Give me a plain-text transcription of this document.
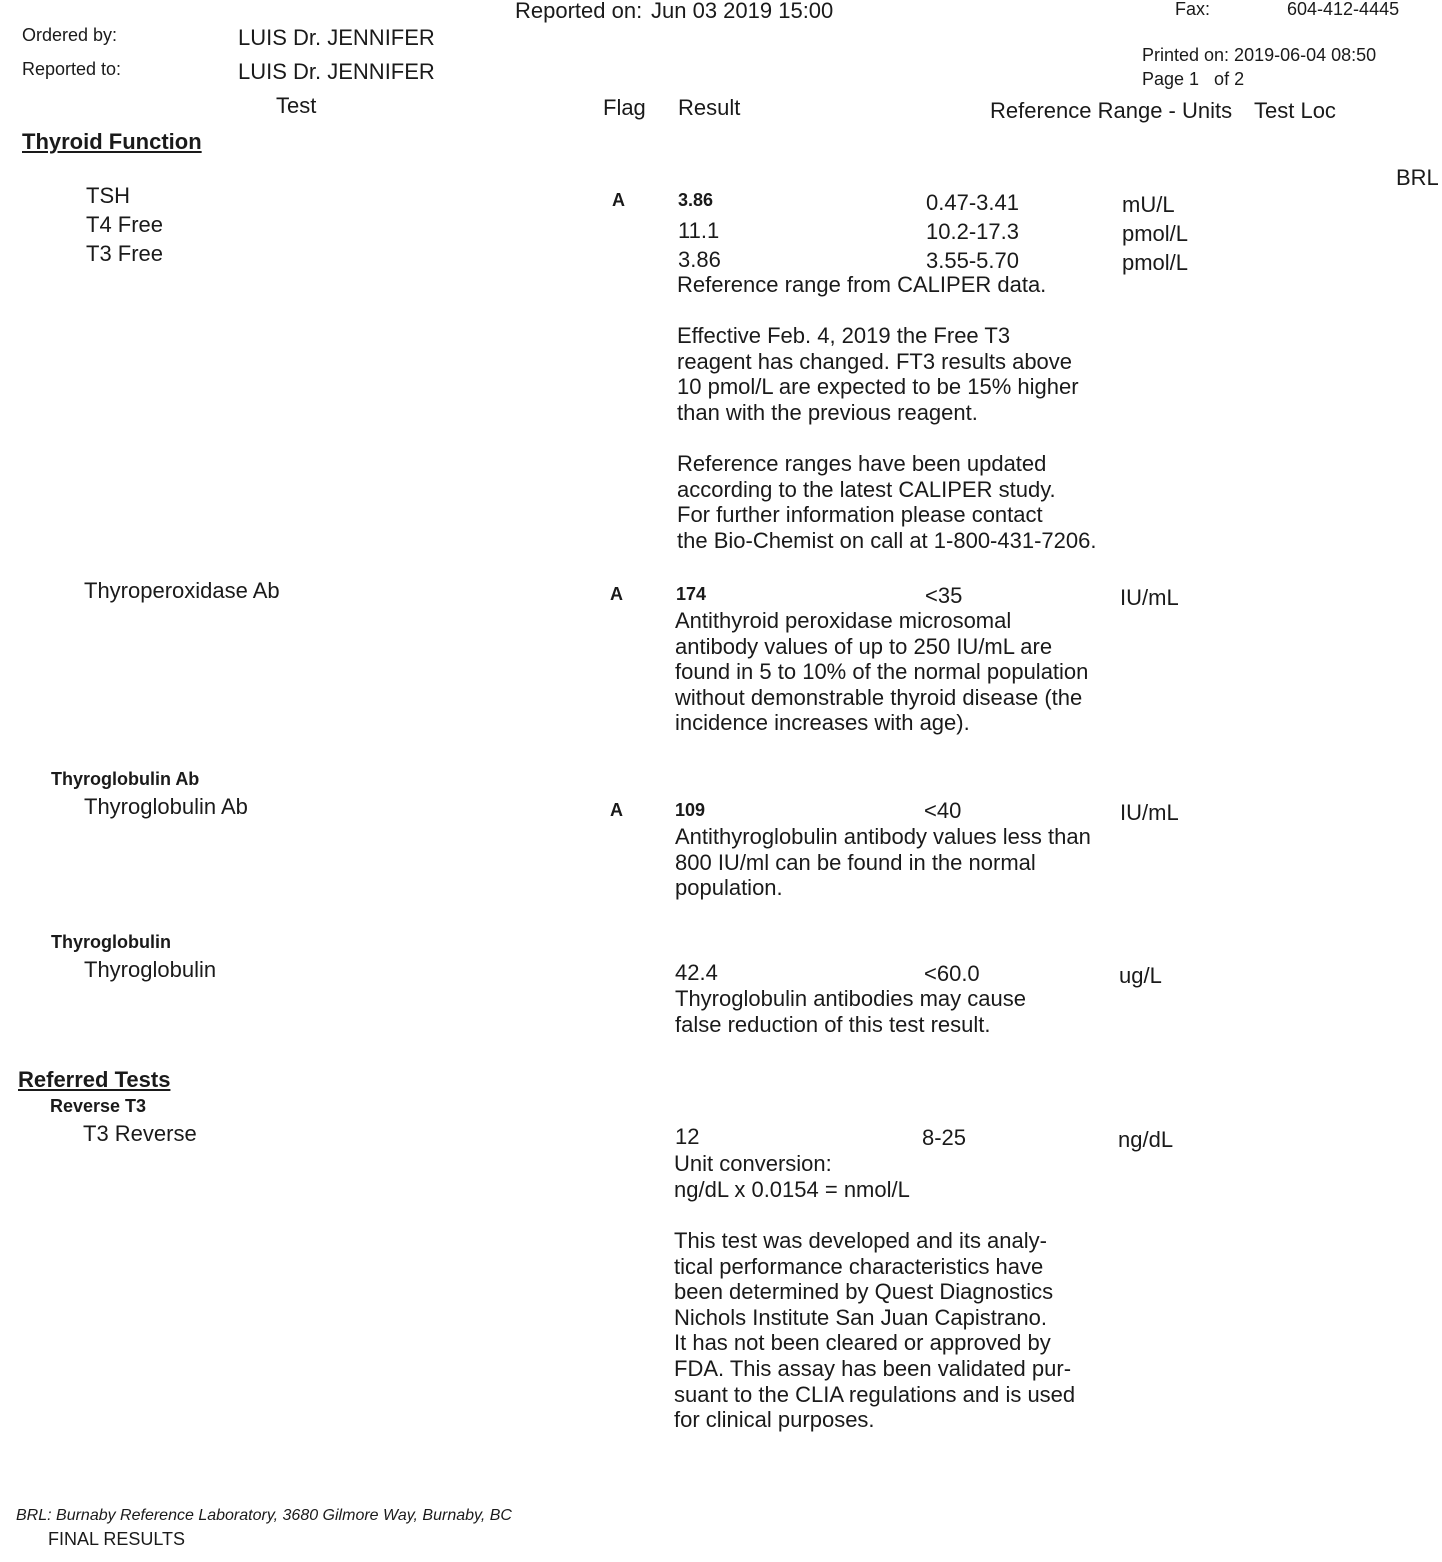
Reported on: Jun 03 2019 15:00	Fax:	604-412-4445
Ordered by:	LUIS Dr. JENNIFER
Reported to:	LUIS Dr. JENNIFER
Printed on: 2019-06-04 08:50
Page 1   of 2
Test	Flag Result	Reference Range - Units Test Loc
Thyroid Function
BRL
TSH	A	3.86	0.47-3.41	mU/L
T4 Free	11.1	10.2-17.3	pmol/L
T3 Free	3.86	3.55-5.70	pmol/L
Reference range from CALIPER data.
Effective Feb. 4, 2019 the Free T3
reagent has changed. FT3 results above
10 pmol/L are expected to be 15% higher
than with the previous reagent.
Reference ranges have been updated
according to the latest CALIPER study.
For further information please contact
the Bio-Chemist on call at 1-800-431-7206.
Thyroperoxidase Ab	A	174	<35	IU/mL
Antithyroid peroxidase microsomal
antibody values of up to 250 IU/mL are
found in 5 to 10% of the normal population
without demonstrable thyroid disease (the
incidence increases with age).
Thyroglobulin Ab
Thyroglobulin Ab	A	109	<40	IU/mL
Antithyroglobulin antibody values less than
800 IU/ml can be found in the normal
population.
Thyroglobulin
Thyroglobulin	42.4	<60.0	ug/L
Thyroglobulin antibodies may cause
false reduction of this test result.
Referred Tests
Reverse T3
T3 Reverse	12	8-25	ng/dL
Unit conversion:
ng/dL x 0.0154 = nmol/L
This test was developed and its analy-
tical performance characteristics have
been determined by Quest Diagnostics
Nichols Institute San Juan Capistrano.
It has not been cleared or approved by
FDA. This assay has been validated pur-
suant to the CLIA regulations and is used
for clinical purposes.
BRL: Burnaby Reference Laboratory, 3680 Gilmore Way, Burnaby, BC
FINAL RESULTS
